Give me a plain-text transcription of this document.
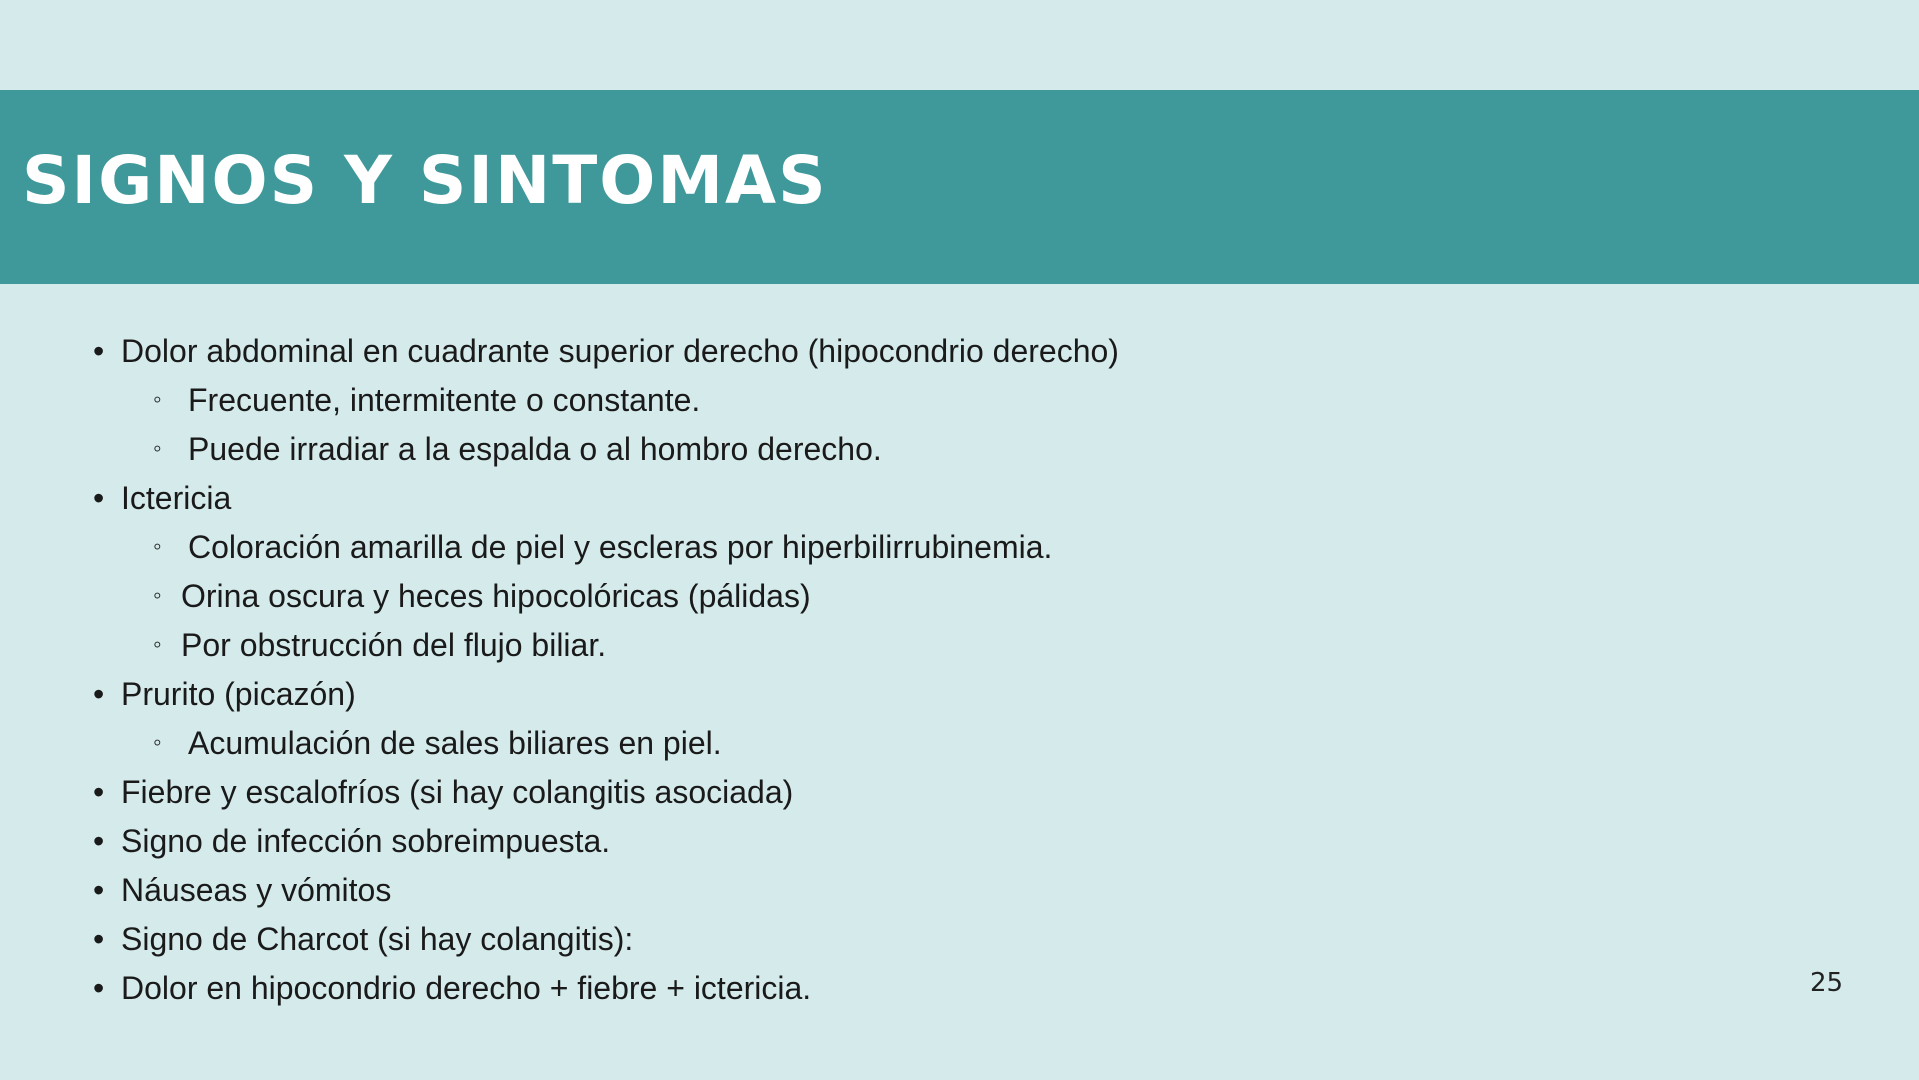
SIGNOS Y SINTOMAS
• Dolor abdominal en cuadrante superior derecho (hipocondrio derecho)
◦ Frecuente, intermitente o constante.
◦ Puede irradiar a la espalda o al hombro derecho.
• Ictericia
◦ Coloración amarilla de piel y escleras por hiperbilirrubinemia.
◦ Orina oscura y heces hipocolóricas (pálidas)
◦ Por obstrucción del flujo biliar.
• Prurito (picazón)
◦ Acumulación de sales biliares en piel.
• Fiebre y escalofríos (si hay colangitis asociada)
• Signo de infección sobreimpuesta.
• Náuseas y vómitos
• Signo de Charcot (si hay colangitis):
• Dolor en hipocondrio derecho + fiebre + ictericia.	25
